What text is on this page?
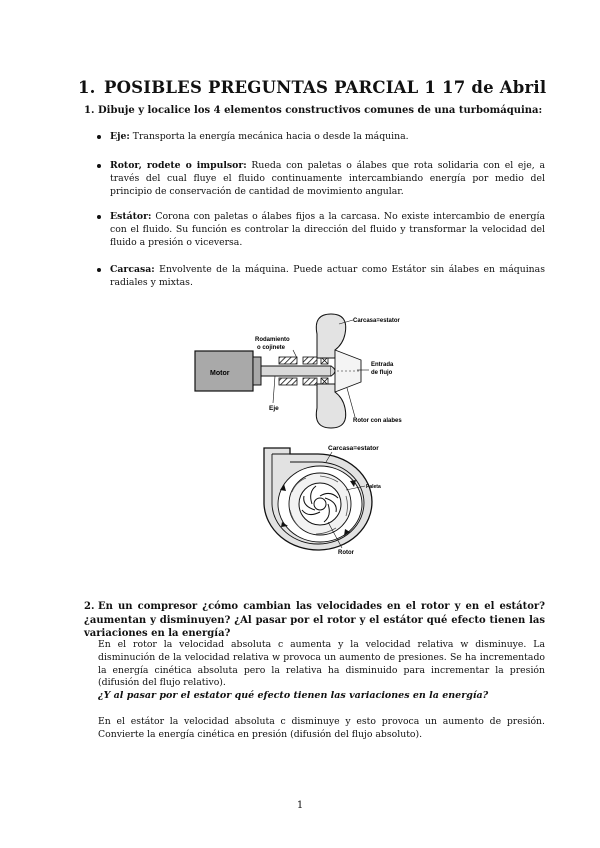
1. POSIBLES PREGUNTAS PARCIAL 1 17 de Abril
1. Dibuje y localice los 4 elementos constructivos comunes de una turbomáquina:
Eje: Transporta la energía mecánica hacia o desde la máquina.
Rotor, rodete o impulsor: Rueda con paletas o álabes que rota solidaria con el eje, a través del cual fluye el fluido continuamente intercambiando energía por medio del principio de conservación de cantidad de movimiento angular.
Estátor: Corona con paletas o álabes fijos a la carcasa. No existe intercambio de energía con el fluido. Su función es controlar la dirección del fluido y transformar la velocidad del fluido a presión o viceversa.
Carcasa: Envolvente de la máquina. Puede actuar como Estátor sin álabes en máquinas radiales y mixtas.
Motor
Rodamiento
o cojinete
Eje
Carcasa=estator
Entrada
de flujo
Rotor con alabes
Carcasa=estator
Paleta
Rotor
2. En un compresor ¿cómo cambian las velocidades en el rotor y en el estátor? ¿aumentan y disminuyen? ¿Al pasar por el rotor y el estátor qué efecto tienen las variaciones en la energía?
En el rotor la velocidad absoluta c aumenta y la velocidad relativa w disminuye. La disminución de la velocidad relativa w provoca un aumento de presiones. Se ha incrementado la energía cinética absoluta pero la relativa ha disminuido para incrementar la presión (difusión del flujo relativo).
¿Y al pasar por el estator qué efecto tienen las variaciones en la energía?
En el estátor la velocidad absoluta c disminuye y esto provoca un aumento de presión. Convierte la energía cinética en presión (difusión del flujo absoluto).
1
